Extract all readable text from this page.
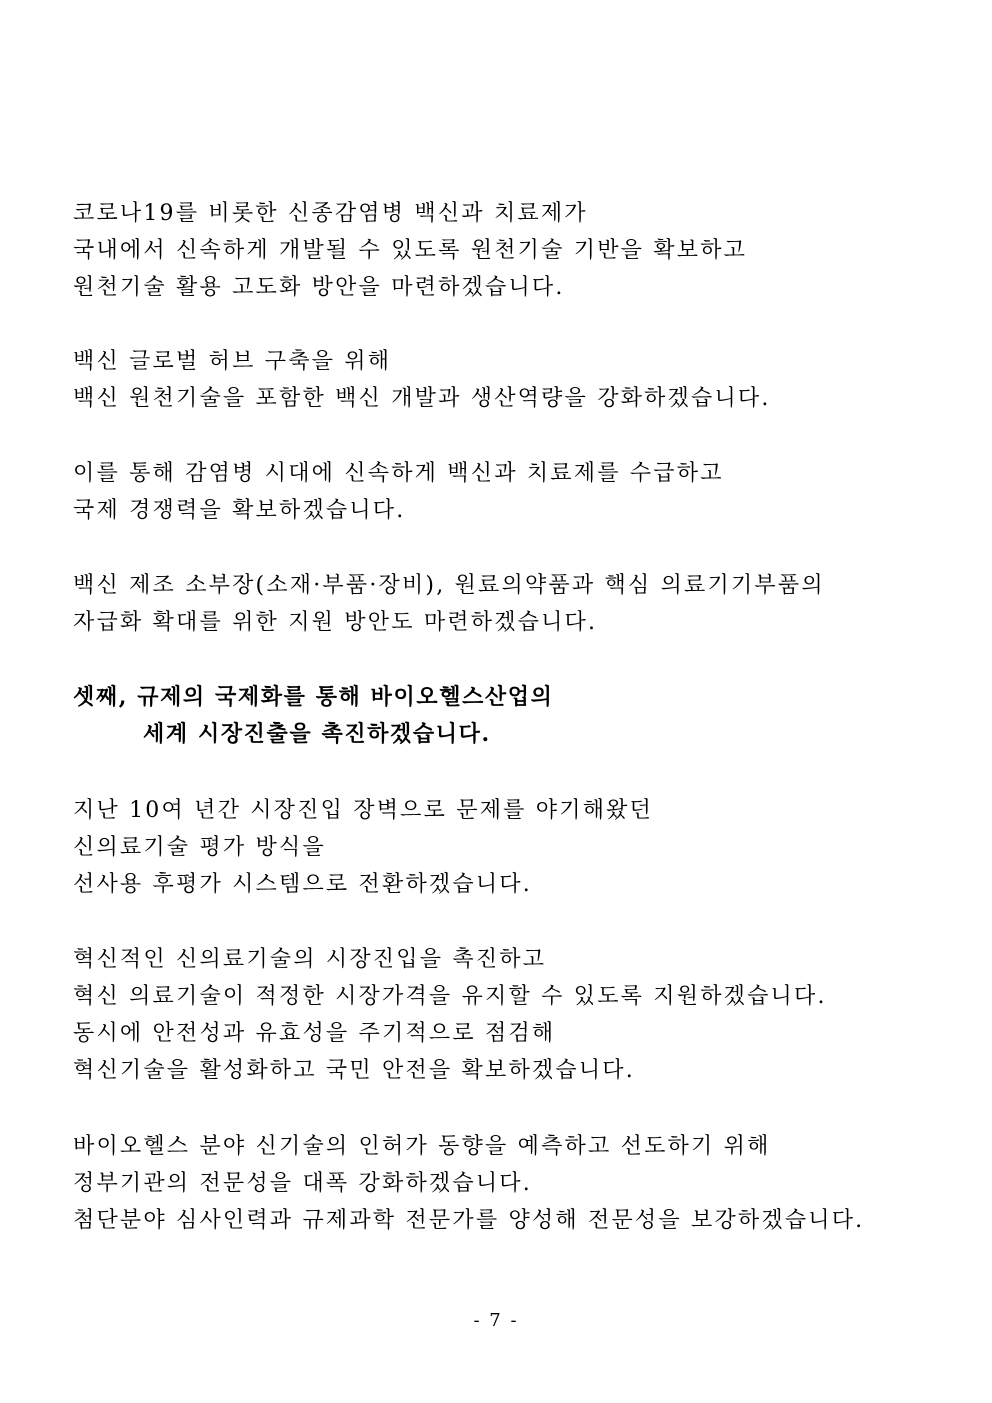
코로나19를 비롯한 신종감염병 백신과 치료제가
국내에서 신속하게 개발될 수 있도록 원천기술 기반을 확보하고
원천기술 활용 고도화 방안을 마련하겠습니다.
백신 글로벌 허브 구축을 위해
백신 원천기술을 포함한 백신 개발과 생산역량을 강화하겠습니다.
이를 통해 감염병 시대에 신속하게 백신과 치료제를 수급하고
국제 경쟁력을 확보하겠습니다.
백신 제조 소부장(소재·부품·장비), 원료의약품과 핵심 의료기기부품의
자급화 확대를 위한 지원 방안도 마련하겠습니다.
셋째, 규제의 국제화를 통해 바이오헬스산업의
세계 시장진출을 촉진하겠습니다.
지난 10여 년간 시장진입 장벽으로 문제를 야기해왔던
신의료기술 평가 방식을
선사용 후평가 시스템으로 전환하겠습니다.
혁신적인 신의료기술의 시장진입을 촉진하고
혁신 의료기술이 적정한 시장가격을 유지할 수 있도록 지원하겠습니다.
동시에 안전성과 유효성을 주기적으로 점검해
혁신기술을 활성화하고 국민 안전을 확보하겠습니다.
바이오헬스 분야 신기술의 인허가 동향을 예측하고 선도하기 위해
정부기관의 전문성을 대폭 강화하겠습니다.
첨단분야 심사인력과 규제과학 전문가를 양성해 전문성을 보강하겠습니다.
- 7 -
